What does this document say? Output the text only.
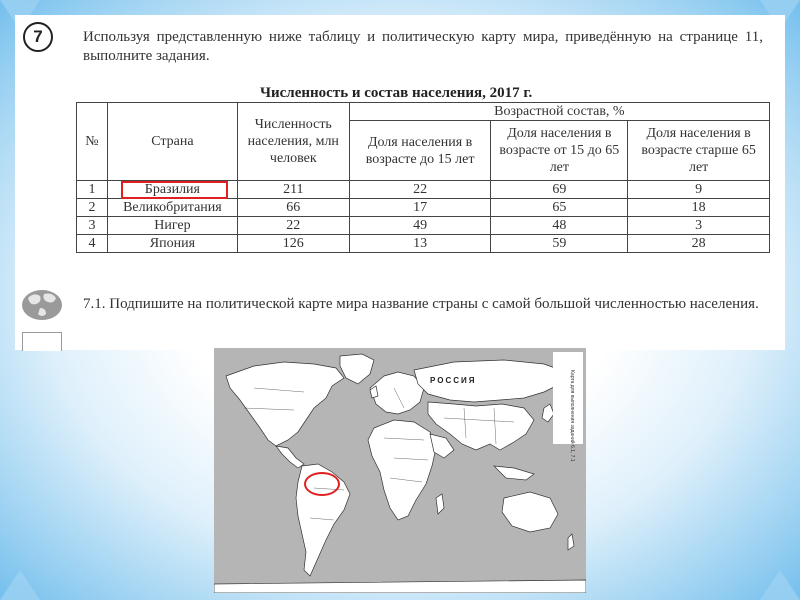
7	Используя представленную ниже таблицу и политическую карту мира, приведённую на странице 11, выполните задания.
Численность и состав населения, 2017 г.
№	Страна	Численность населения, млн человек	Возрастной состав, %		
			Доля населения в возрасте до 15 лет	Доля населения в возрасте от 15 до 65 лет	Доля населения в возрасте старше 65 лет
1	Бразилия	211	22	69	9
2	Великобритания	66	17	65	18
3	Нигер	22	49	48	3
4	Япония	126	13	59	28
7.1. Подпишите на политической карте мира название страны с самой большой численностью населения.
Карта для выполнения заданий 6.1, 7.1
РОССИЯ
